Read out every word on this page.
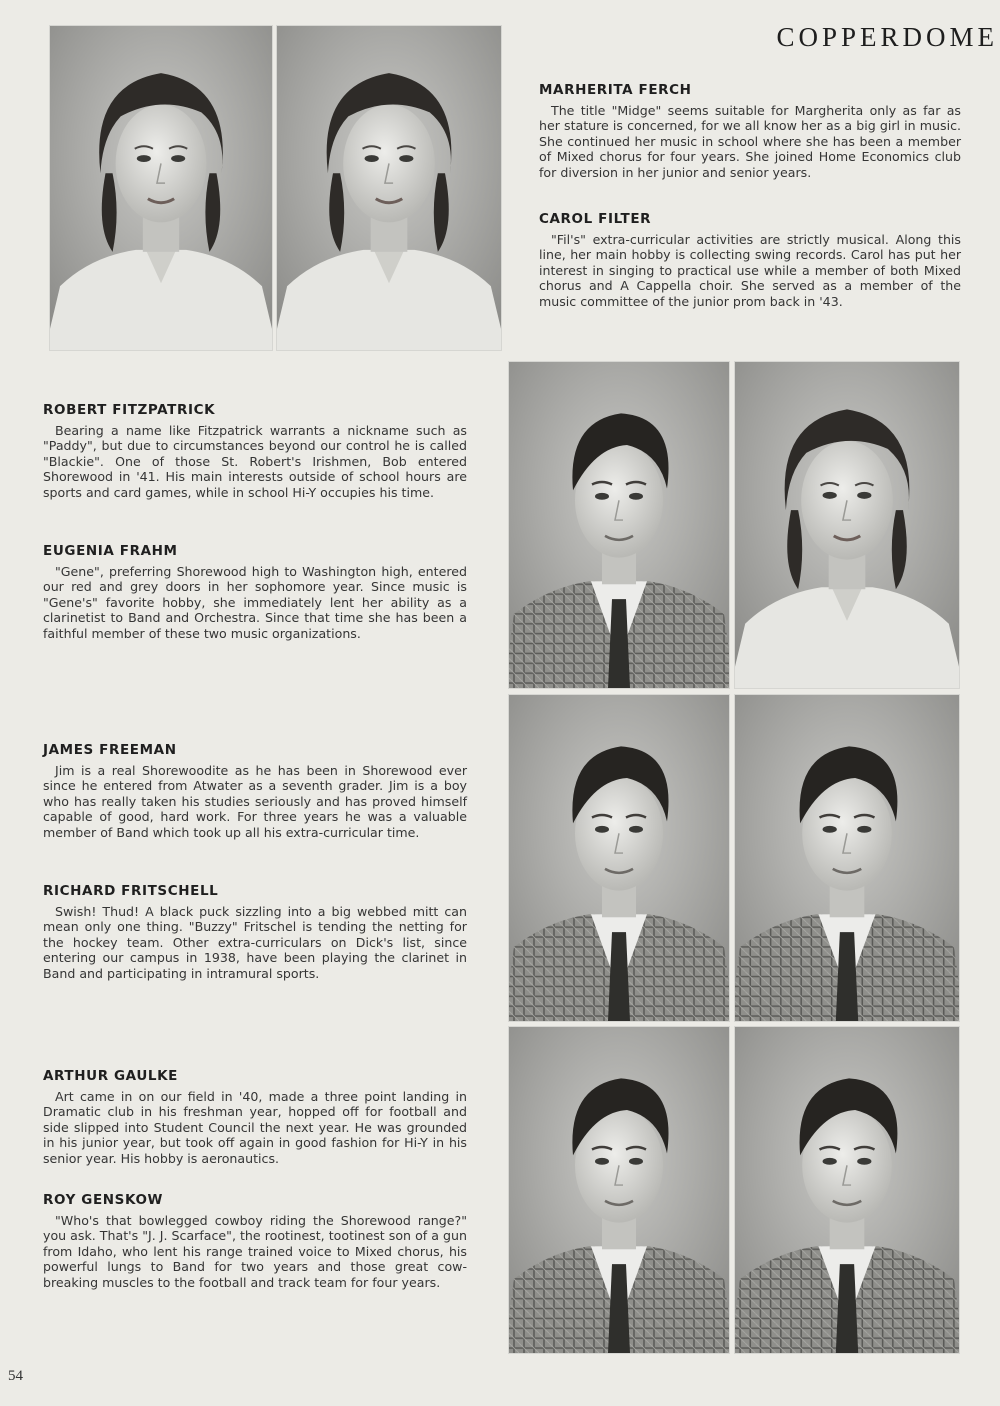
COPPERDOME

MARHERITA FERCH

The title "Midge" seems suitable for Margherita only as far as her stature is concerned, for we all know her as a big girl in music. She continued her music in school where she has been a member of Mixed chorus for four years. She joined Home Economics club for diversion in her junior and senior years.

CAROL FILTER

"Fil's" extra-curricular activities are strictly musical. Along this line, her main hobby is collecting swing records. Carol has put her interest in singing to practical use while a member of both Mixed chorus and A Cappella choir. She served as a member of the music committee of the junior prom back in '43.

ROBERT FITZPATRICK

Bearing a name like Fitzpatrick warrants a nickname such as "Paddy", but due to circumstances beyond our control he is called "Blackie". One of those St. Robert's Irishmen, Bob entered Shorewood in '41. His main interests outside of school hours are sports and card games, while in school Hi-Y occupies his time.

EUGENIA FRAHM

"Gene", preferring Shorewood high to Washington high, entered our red and grey doors in her sophomore year. Since music is "Gene's" favorite hobby, she immediately lent her ability as a clarinetist to Band and Orchestra. Since that time she has been a faithful member of these two music organizations.

JAMES FREEMAN

Jim is a real Shorewoodite as he has been in Shorewood ever since he entered from Atwater as a seventh grader. Jim is a boy who has really taken his studies seriously and has proved himself capable of good, hard work. For three years he was a valuable member of Band which took up all his extra-curricular time.

RICHARD FRITSCHELL

Swish! Thud! A black puck sizzling into a big webbed mitt can mean only one thing. "Buzzy" Fritschel is tending the netting for the hockey team. Other extra-curriculars on Dick's list, since entering our campus in 1938, have been playing the clarinet in Band and participating in intramural sports.

ARTHUR GAULKE

Art came in on our field in '40, made a three point landing in Dramatic club in his freshman year, hopped off for football and side slipped into Student Council the next year. He was grounded in his junior year, but took off again in good fashion for Hi-Y in his senior year. His hobby is aeronautics.

ROY GENSKOW

"Who's that bowlegged cowboy riding the Shorewood range?" you ask. That's "J. J. Scarface", the rootinest, tootinest son of a gun from Idaho, who lent his range trained voice to Mixed chorus, his powerful lungs to Band for two years and those great cow-breaking muscles to the football and track team for four years.

54
